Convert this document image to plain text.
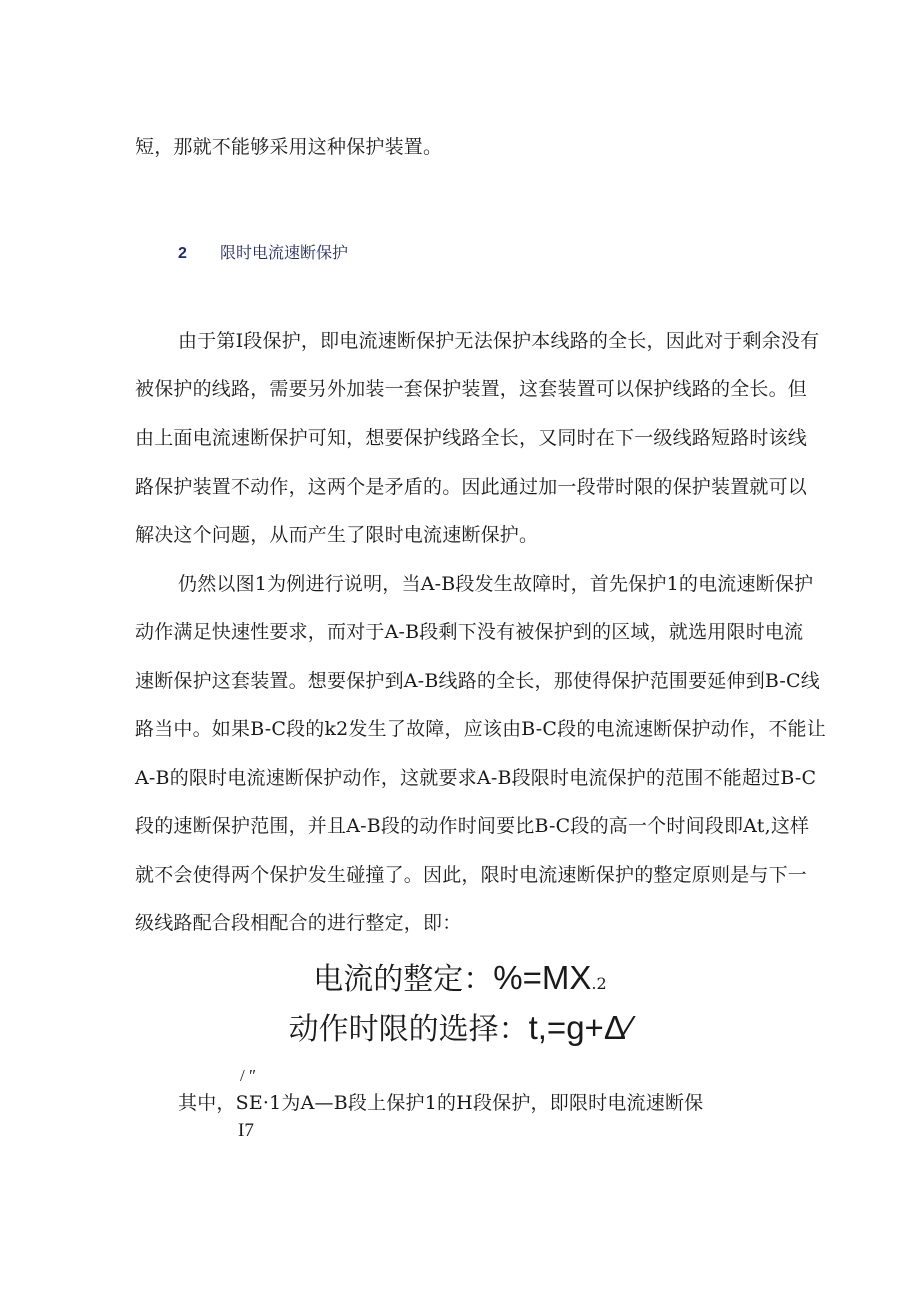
短，那就不能够采用这种保护装置。

2 限时电流速断保护

由于第I段保护，即电流速断保护无法保护本线路的全长，因此对于剩余没有

被保护的线路，需要另外加装一套保护装置，这套装置可以保护线路的全长。但

由上面电流速断保护可知，想要保护线路全长，又同时在下一级线路短路时该线

路保护装置不动作，这两个是矛盾的。因此通过加一段带时限的保护装置就可以

解决这个问题，从而产生了限时电流速断保护。

仍然以图1为例进行说明，当A-B段发生故障时，首先保护1的电流速断保护

动作满足快速性要求，而对于A-B段剩下没有被保护到的区域，就选用限时电流

速断保护这套装置。想要保护到A-B线路的全长，那使得保护范围要延伸到B-C线

路当中。如果B-C段的k2发生了故障，应该由B-C段的电流速断保护动作，不能让

A-B的限时电流速断保护动作，这就要求A-B段限时电流保护的范围不能超过B-C

段的速断保护范围，并且A-B段的动作时间要比B-C段的高一个时间段即At,这样

就不会使得两个保护发生碰撞了。因此，限时电流速断保护的整定原则是与下一

级线路配合段相配合的进行整定，即：

电流的整定：%=MX.2
动作时限的选择：t,=g+Δ⁄
/ ″

其中，SE·1为A—B段上保护1的H段保护，即限时电流速断保

I7
